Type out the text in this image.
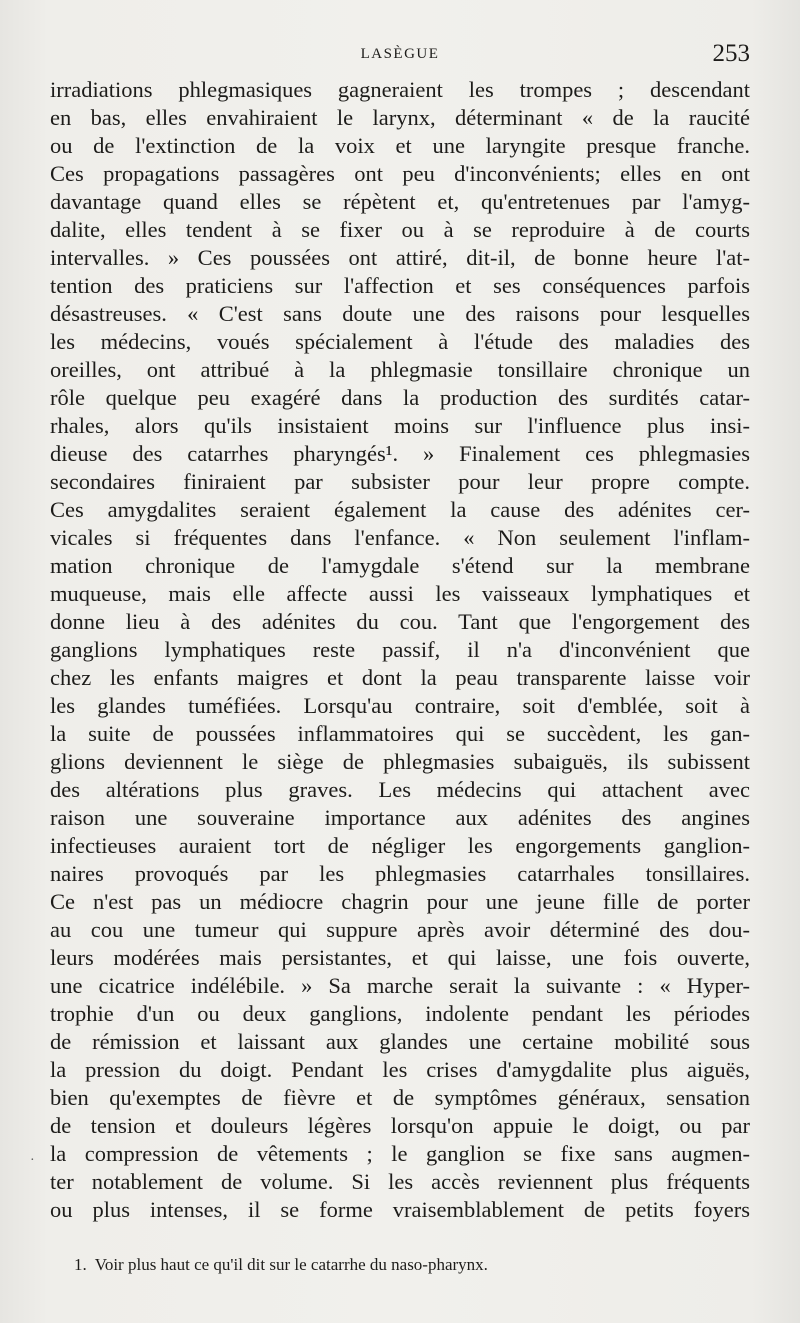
LASÈGUE	253
irradiations phlegmasiques gagneraient les trompes ; descendant
en bas, elles envahiraient le larynx, déterminant « de la raucité
ou de l'extinction de la voix et une laryngite presque franche.
Ces propagations passagères ont peu d'inconvénients; elles en ont
davantage quand elles se répètent et, qu'entretenues par l'amyg-
dalite, elles tendent à se fixer ou à se reproduire à de courts
intervalles. » Ces poussées ont attiré, dit-il, de bonne heure l'at-
tention des praticiens sur l'affection et ses conséquences parfois
désastreuses. « C'est sans doute une des raisons pour lesquelles
les médecins, voués spécialement à l'étude des maladies des
oreilles, ont attribué à la phlegmasie tonsillaire chronique un
rôle quelque peu exagéré dans la production des surdités catar-
rhales, alors qu'ils insistaient moins sur l'influence plus insi-
dieuse des catarrhes pharyngés¹. » Finalement ces phlegmasies
secondaires finiraient par subsister pour leur propre compte.
Ces amygdalites seraient également la cause des adénites cer-
vicales si fréquentes dans l'enfance. « Non seulement l'inflam-
mation chronique de l'amygdale s'étend sur la membrane
muqueuse, mais elle affecte aussi les vaisseaux lymphatiques et
donne lieu à des adénites du cou. Tant que l'engorgement des
ganglions lymphatiques reste passif, il n'a d'inconvénient que
chez les enfants maigres et dont la peau transparente laisse voir
les glandes tuméfiées. Lorsqu'au contraire, soit d'emblée, soit à
la suite de poussées inflammatoires qui se succèdent, les gan-
glions deviennent le siège de phlegmasies subaiguës, ils subissent
des altérations plus graves. Les médecins qui attachent avec
raison une souveraine importance aux adénites des angines
infectieuses auraient tort de négliger les engorgements ganglion-
naires provoqués par les phlegmasies catarrhales tonsillaires.
Ce n'est pas un médiocre chagrin pour une jeune fille de porter
au cou une tumeur qui suppure après avoir déterminé des dou-
leurs modérées mais persistantes, et qui laisse, une fois ouverte,
une cicatrice indélébile. » Sa marche serait la suivante : « Hyper-
trophie d'un ou deux ganglions, indolente pendant les périodes
de rémission et laissant aux glandes une certaine mobilité sous
la pression du doigt. Pendant les crises d'amygdalite plus aiguës,
bien qu'exemptes de fièvre et de symptômes généraux, sensation
de tension et douleurs légères lorsqu'on appuie le doigt, ou par
la compression de vêtements ; le ganglion se fixe sans augmen-
ter notablement de volume. Si les accès reviennent plus fréquents
ou plus intenses, il se forme vraisemblablement de petits foyers
·
1. Voir plus haut ce qu'il dit sur le catarrhe du naso-pharynx.
